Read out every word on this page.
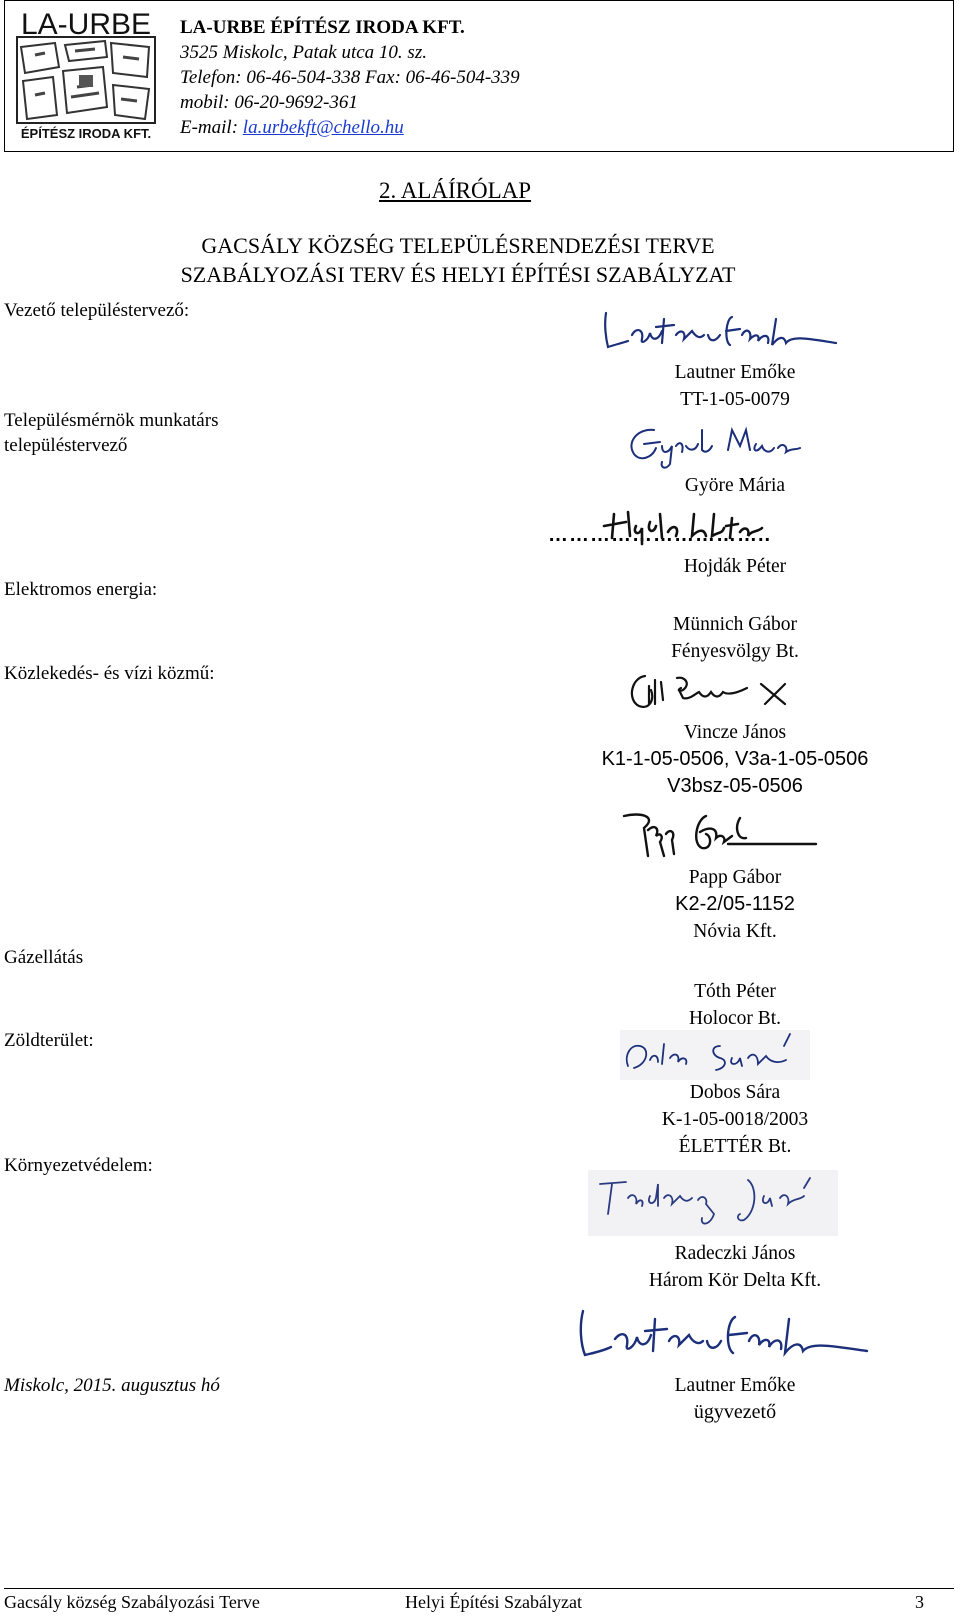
LA-URBE
ÉPÍTÉSZ IRODA KFT.
LA-URBE ÉPÍTÉSZ IRODA KFT.
3525 Miskolc, Patak utca 10. sz.
Telefon: 06-46-504-338 Fax: 06-46-504-339
mobil: 06-20-9692-361
E-mail: la.urbekft@chello.hu
2. ALÁÍRÓLAP
GACSÁLY KÖZSÉG TELEPÜLÉSRENDEZÉSI TERVE
SZABÁLYOZÁSI TERV ÉS HELYI ÉPÍTÉSI SZABÁLYZAT
Vezető településtervező:
Településmérnök munkatárs
településtervező
Elektromos energia:
Közlekedés- és vízi közmű:
Gázellátás
Zöldterület:
Környezetvédelem:
Miskolc, 2015. augusztus hó
…………………………..
Lautner Emőke
TT-1-05-0079
Györe Mária
Hojdák Péter
Münnich Gábor
Fényesvölgy Bt.
Vincze János
K1-1-05-0506, V3a-1-05-0506
V3bsz-05-0506
Papp Gábor
K2-2/05-1152
Nóvia Kft.
Tóth Péter
Holocor Bt.
Dobos Sára
K-1-05-0018/2003
ÉLETTÉR Bt.
Radeczki János
Három Kör Delta Kft.
Lautner Emőke
ügyvezető
Gacsály község Szabályozási Terve	Helyi Építési Szabályzat	3
